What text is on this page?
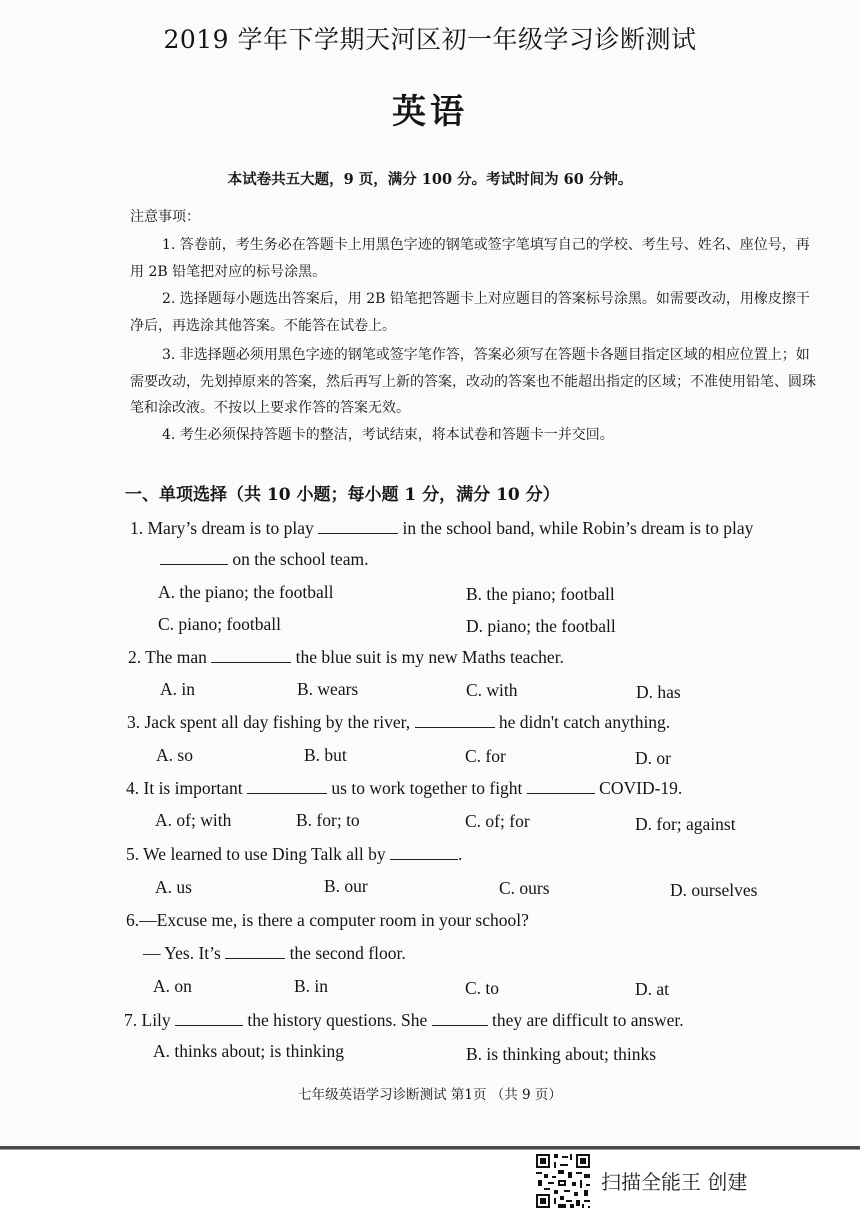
2019 学年下学期天河区初一年级学习诊断测试
英语
本试卷共五大题，9 页，满分 100 分。考试时间为 60 分钟。
注意事项：
1. 答卷前，考生务必在答题卡上用黑色字迹的钢笔或签字笔填写自己的学校、考生号、姓名、座位号，再用 2B 铅笔把对应的标号涂黑。
2. 选择题每小题选出答案后，用 2B 铅笔把答题卡上对应题目的答案标号涂黑。如需要改动，用橡皮擦干净后，再选涂其他答案。不能答在试卷上。
3. 非选择题必须用黑色字迹的钢笔或签字笔作答，答案必须写在答题卡各题目指定区域的相应位置上；如需要改动，先划掉原来的答案，然后再写上新的答案，改动的答案也不能超出指定的区域；不准使用铅笔、圆珠笔和涂改液。不按以上要求作答的答案无效。
4. 考生必须保持答题卡的整洁，考试结束，将本试卷和答题卡一并交回。
一、单项选择（共 10 小题；每小题 1 分，满分 10 分）
1. Mary’s dream is to play	in the school band, while Robin’s dream is to play
on the school team.
A. the piano; the football	B. the piano; football
C. piano; football	D. piano; the football
2. The man	the blue suit is my new Maths teacher.
A. in	B. wears	C. with	D. has
3. Jack spent all day fishing by the river,	he didn't catch anything.
A. so	B. but	C. for	D. or
4. It is important	us to work together to fight	COVID-19.
A. of; with	B. for; to	C. of; for	D. for; against
5. We learned to use Ding Talk all by	.
A. us	B. our	C. ours	D. ourselves
6.—Excuse me, is there a computer room in your school?
— Yes. It’s	the second floor.
A. on	B. in	C. to	D. at
7. Lily	the history questions. She	they are difficult to answer.
A. thinks about; is thinking	B. is thinking about; thinks
七年级英语学习诊断测试 第1页 （共 9 页）
扫描全能王 创建
